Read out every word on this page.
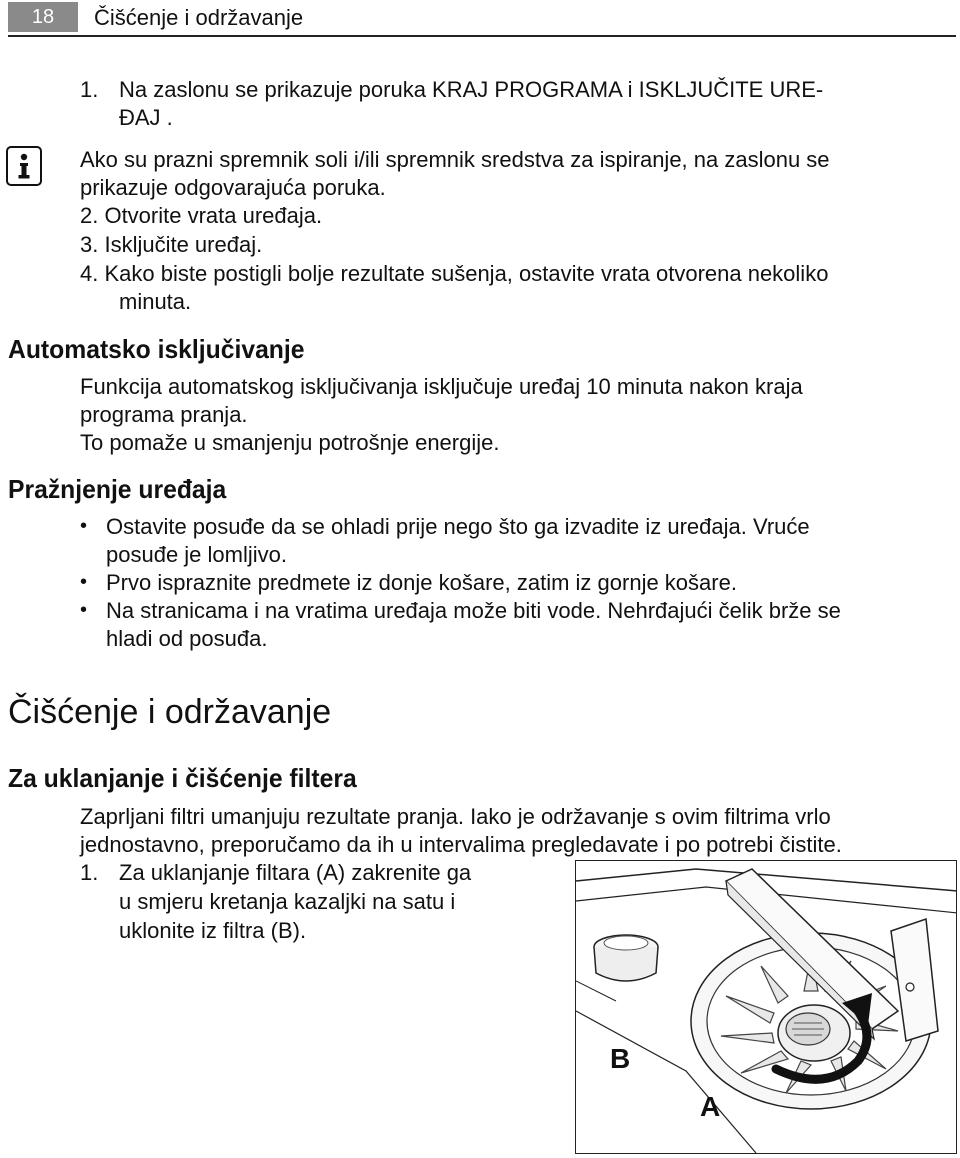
18	Čišćenje i održavanje
1. Na zaslonu se prikazuje poruka KRAJ PROGRAMA i ISKLJUČITE URE-
ĐAJ .
Ako su prazni spremnik soli i/ili spremnik sredstva za ispiranje, na zaslonu se
prikazuje odgovarajuća poruka.
2. Otvorite vrata uređaja.
3. Isključite uređaj.
4. Kako biste postigli bolje rezultate sušenja, ostavite vrata otvorena nekoliko
minuta.
Automatsko isključivanje
Funkcija automatskog isključivanja isključuje uređaj 10 minuta nakon kraja
programa pranja.
To pomaže u smanjenju potrošnje energije.
Pražnjenje uređaja
• Ostavite posuđe da se ohladi prije nego što ga izvadite iz uređaja. Vruće
posuđe je lomljivo.
• Prvo ispraznite predmete iz donje košare, zatim iz gornje košare.
• Na stranicama i na vratima uređaja može biti vode. Nehrđajući čelik brže se
hladi od posuđa.
Čišćenje i održavanje
Za uklanjanje i čišćenje filtera
Zaprljani filtri umanjuju rezultate pranja. Iako je održavanje s ovim filtrima vrlo
jednostavno, preporučamo da ih u intervalima pregledavate i po potrebi čistite.
1. Za uklanjanje filtara (A) zakrenite ga
u smjeru kretanja kazaljki na satu i
uklonite iz filtra (B).
B
A
